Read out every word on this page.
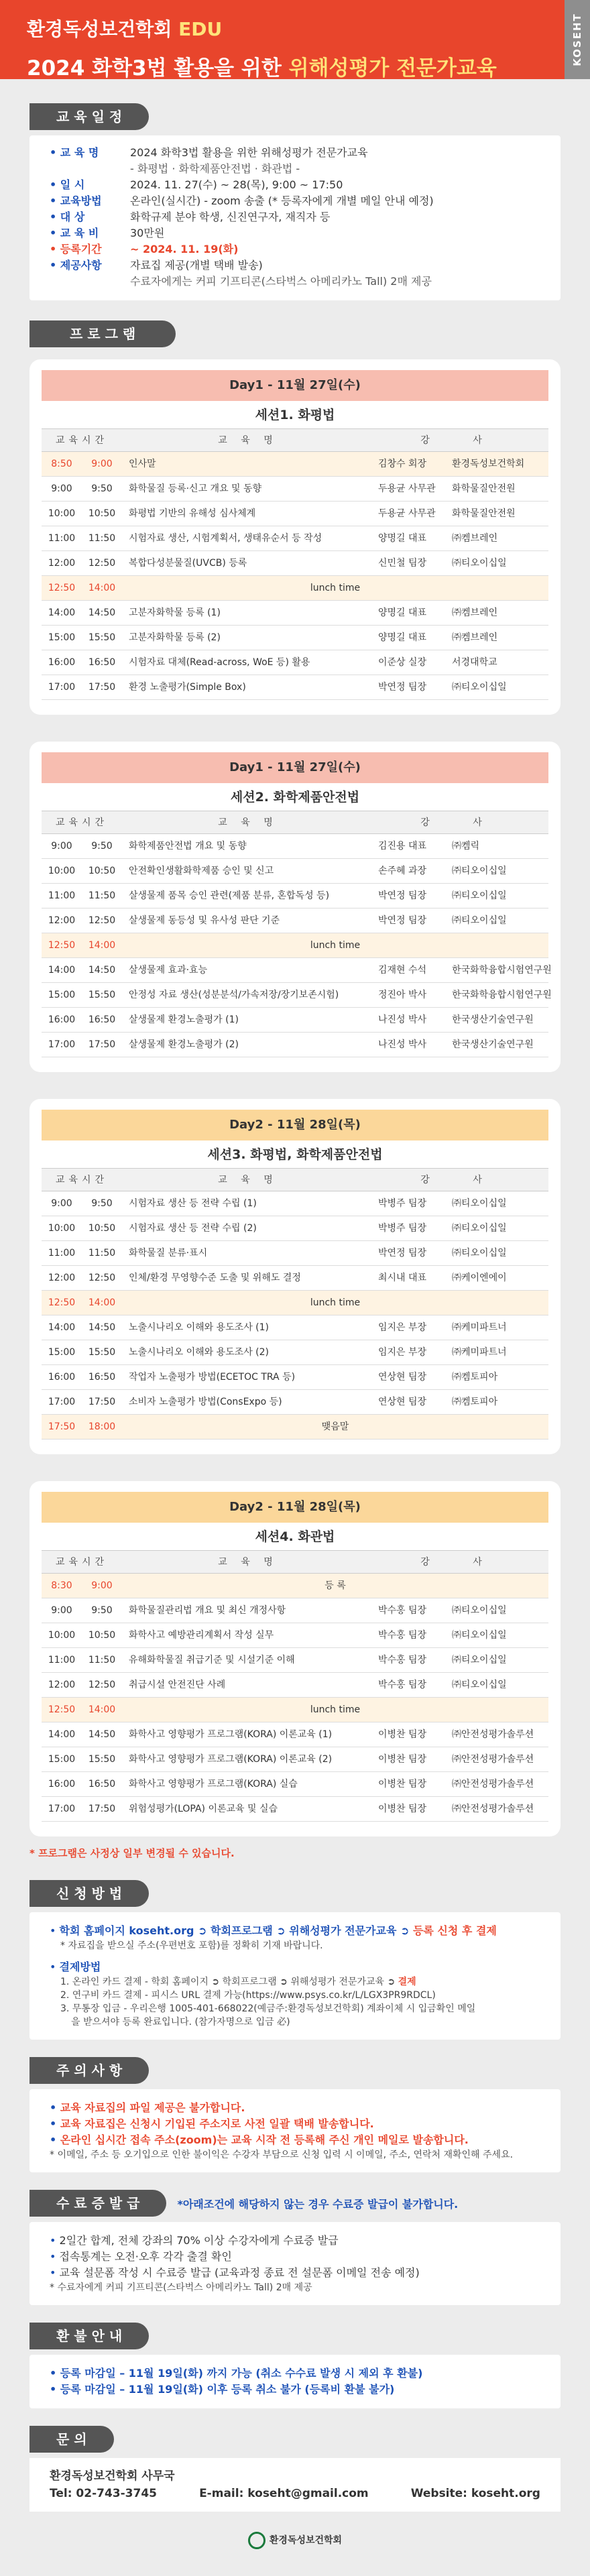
환경독성보건학회 EDU
2024 화학3법 활용을 위한 위해성평가 전문가교육
KOSEHT
교 육 일 정
• 교 육 명	2024 화학3법 활용을 위한 위해성평가 전문가교육
- 화평법 · 화학제품안전법 · 화관법 -
• 일 시	2024. 11. 27(수) ~ 28(목), 9:00 ~ 17:50
• 교육방법	온라인(실시간) - zoom 송출 (* 등록자에게 개별 메일 안내 예정)
• 대 상	화학규제 분야 학생, 신진연구자, 재직자 등
• 교 육 비	30만원
• 등록기간	~ 2024. 11. 19(화)
• 제공사항	자료집 제공(개별 택배 발송)
수료자에게는 커피 기프티콘(스타벅스 아메리카노 Tall) 2매 제공
프 로 그 램
Day1 - 11월 27일(수)
세션1. 화평법
교육시간	교 육 명	강 사
8:50	9:00	인사말	김창수 회장	환경독성보건학회
9:00	9:50	화학물질 등록·신고 개요 및 동향	두용균 사무관	화학물질안전원
10:00	10:50	화평법 기반의 유해성 심사체계	두용균 사무관	화학물질안전원
11:00	11:50	시험자료 생산, 시험계획서, 생태유순서 등 작성	양명길 대표	㈜켐브레인
12:00	12:50	복합다성분물질(UVCB) 등록	신민철 팀장	㈜티오이십일
12:50	14:00	lunch time
14:00	14:50	고분자화학물 등록 (1)	양명길 대표	㈜켐브레인
15:00	15:50	고분자화학물 등록 (2)	양명길 대표	㈜켐브레인
16:00	16:50	시험자료 대체(Read-across, WoE 등) 활용	이준상 실장	서경대학교
17:00	17:50	환경 노출평가(Simple Box)	박연정 팀장	㈜티오이십일
Day1 - 11월 27일(수)
세션2. 화학제품안전법
교육시간	교 육 명	강 사
9:00	9:50	화학제품안전법 개요 및 동향	김진용 대표	㈜켐릭
10:00	10:50	안전확인생활화학제품 승인 및 신고	손주혜 과장	㈜티오이십일
11:00	11:50	살생물제 품목 승인 관련(제품 분류, 혼합독성 등)	박연정 팀장	㈜티오이십일
12:00	12:50	살생물제 동등성 및 유사성 판단 기준	박연정 팀장	㈜티오이십일
12:50	14:00	lunch time
14:00	14:50	살생물제 효과·효능	김재현 수석	한국화학융합시험연구원
15:00	15:50	안정성 자료 생산(성분분석/가속저장/장기보존시험)	정진아 박사	한국화학융합시험연구원
16:00	16:50	살생물제 환경노출평가 (1)	나진성 박사	한국생산기술연구원
17:00	17:50	살생물제 환경노출평가 (2)	나진성 박사	한국생산기술연구원
Day2 - 11월 28일(목)
세션3. 화평법, 화학제품안전법
교육시간	교 육 명	강 사
9:00	9:50	시험자료 생산 등 전략 수립 (1)	박병주 팀장	㈜티오이십일
10:00	10:50	시험자료 생산 등 전략 수립 (2)	박병주 팀장	㈜티오이십일
11:00	11:50	화학물질 분류·표시	박연정 팀장	㈜티오이십일
12:00	12:50	인체/환경 무영향수준 도출 및 위해도 결정	최시내 대표	㈜케이엔에이
12:50	14:00	lunch time
14:00	14:50	노출시나리오 이해와 용도조사 (1)	임지은 부장	㈜케미파트너
15:00	15:50	노출시나리오 이해와 용도조사 (2)	임지은 부장	㈜케미파트너
16:00	16:50	작업자 노출평가 방법(ECETOC TRA 등)	연상현 팀장	㈜켐토피아
17:00	17:50	소비자 노출평가 방법(ConsExpo 등)	연상현 팀장	㈜켐토피아
17:50	18:00	맺음말
Day2 - 11월 28일(목)
세션4. 화관법
교육시간	교 육 명	강 사
8:30	9:00	등 록
9:00	9:50	화학물질관리법 개요 및 최신 개정사항	박수홍 팀장	㈜티오이십일
10:00	10:50	화학사고 예방관리계획서 작성 실무	박수홍 팀장	㈜티오이십일
11:00	11:50	유해화학물질 취급기준 및 시설기준 이해	박수홍 팀장	㈜티오이십일
12:00	12:50	취급시설 안전진단 사례	박수홍 팀장	㈜티오이십일
12:50	14:00	lunch time
14:00	14:50	화학사고 영향평가 프로그램(KORA) 이론교육 (1)	이병찬 팀장	㈜안전성평가솔루션
15:00	15:50	화학사고 영향평가 프로그램(KORA) 이론교육 (2)	이병찬 팀장	㈜안전성평가솔루션
16:00	16:50	화학사고 영향평가 프로그램(KORA) 실습	이병찬 팀장	㈜안전성평가솔루션
17:00	17:50	위험성평가(LOPA) 이론교육 및 실습	이병찬 팀장	㈜안전성평가솔루션
* 프로그램은 사정상 일부 변경될 수 있습니다.
신 청 방 법
• 학회 홈페이지 koseht.org ➲ 학회프로그램 ➲ 위해성평가 전문가교육 ➲ 등록 신청 후 결제
* 자료집을 받으실 주소(우편번호 포함)를 정확히 기재 바랍니다.
• 결제방법
1. 온라인 카드 결제 - 학회 홈페이지 ➲ 학회프로그램 ➲ 위해성평가 전문가교육 ➲ 결제
2. 연구비 카드 결제 - 피시스 URL 결제 가능(https://www.psys.co.kr/L/LGX3PR9RDCL)
3. 무통장 입금 - 우리은행 1005-401-668022(예금주:환경독성보건학회) 계좌이체 시 입금확인 메일
을 받으셔야 등록 완료입니다. (참가자명으로 입금 必)
주 의 사 항
• 교육 자료집의 파일 제공은 불가합니다.
• 교육 자료집은 신청시 기입된 주소지로 사전 일괄 택배 발송합니다.
• 온라인 십시간 접속 주소(zoom)는 교육 시작 전 등록해 주신 개인 메일로 발송합니다.
* 이메일, 주소 등 오기입으로 인한 불이익은 수강자 부담으로 신청 입력 시 이메일, 주소, 연락처 재확인해 주세요.
수 료 증 발 급	*아래조건에 해당하지 않는 경우 수료증 발급이 불가합니다.
• 2일간 합계, 전체 강좌의 70% 이상 수강자에게 수료증 발급
• 접속통계는 오전·오후 각각 출결 확인
• 교육 설문폼 작성 시 수료증 발급 (교육과정 종료 전 설문폼 이메일 전송 예정)
* 수료자에게 커피 기프티콘(스타벅스 아메리카노 Tall) 2매 제공
환 불 안 내
• 등록 마감일 – 11월 19일(화) 까지 가능 (취소 수수료 발생 시 제외 후 환불)
• 등록 마감일 – 11월 19일(화) 이후 등록 취소 불가 (등록비 환불 불가)
문 의
환경독성보건학회 사무국
Tel: 02-743-3745	E-mail: koseht@gmail.com	Website: koseht.org
환경독성보건학회
